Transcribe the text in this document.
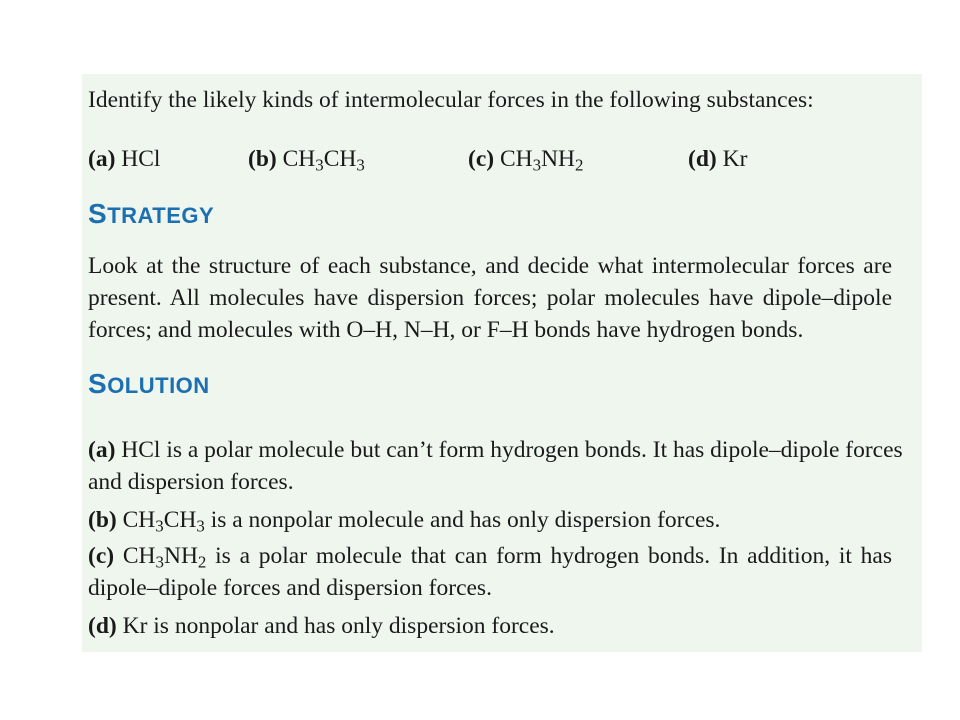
Identify the likely kinds of intermolecular forces in the following substances:
(a) HCl	(b) $CH_3CH_3$	(c) $CH_3NH_2$	(d) Kr
STRATEGY
Look at the structure of each substance, and decide what intermolecular forces are
present. All molecules have dispersion forces; polar molecules have dipole–dipole
forces; and molecules with O–H, N–H, or F–H bonds have hydrogen bonds.
SOLUTION
(a) HCl is a polar molecule but can’t form hydrogen bonds. It has dipole–dipole forces
and dispersion forces.
(b) $CH_3CH_3$ is a nonpolar molecule and has only dispersion forces.
(c) $CH_3NH_2$ is a polar molecule that can form hydrogen bonds. In addition, it has
dipole–dipole forces and dispersion forces.
(d) Kr is nonpolar and has only dispersion forces.
